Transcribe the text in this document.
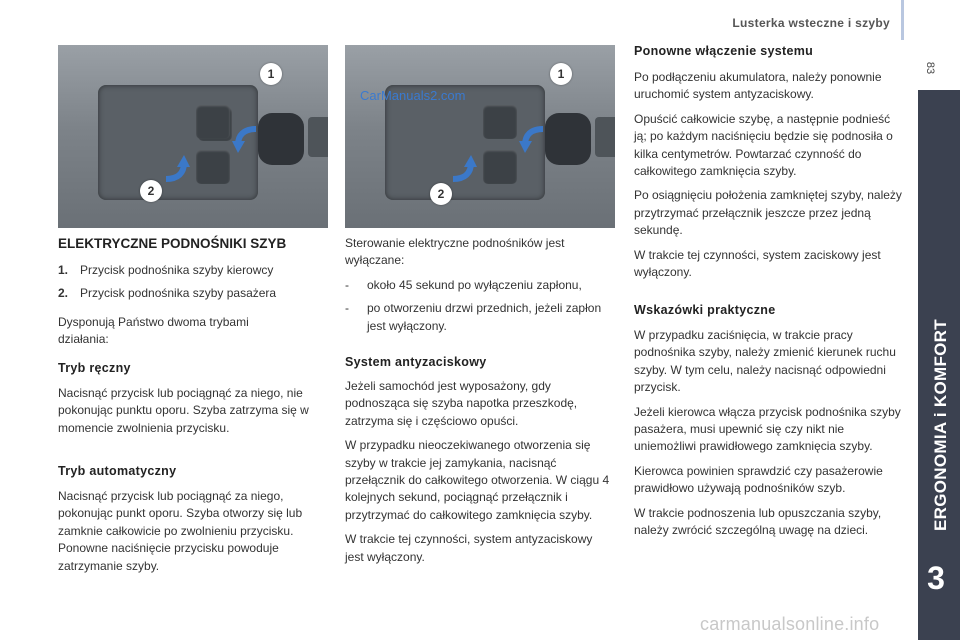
Lusterka wsteczne i szyby
83
ERGONOMIA i KOMFORT
3
1
2
1
2
CarManuals2.com
ELEKTRYCZNE PODNOŚNIKI SZYB
1. Przycisk podnośnika szyby kierowcy
2. Przycisk podnośnika szyby pasażera
Dysponują Państwo dwoma trybami działania:
Tryb ręczny
Nacisnąć przycisk lub pociągnąć za niego, nie pokonując punktu oporu. Szyba zatrzyma się w momencie zwolnienia przycisku.
Tryb automatyczny
Nacisnąć przycisk lub pociągnąć za niego, pokonując punkt oporu. Szyba otworzy się lub zamknie całkowicie po zwolnieniu przycisku. Ponowne naciśnięcie przycisku powoduje zatrzymanie szyby.

Sterowanie elektryczne podnośników jest wyłączane:

-	około 45 sekund po wyłączeniu zapłonu,
-	po otworzeniu drzwi przednich, jeżeli zapłon jest wyłączony.
System antyzaciskowy

Jeżeli samochód jest wyposażony, gdy podnosząca się szyba napotka przeszkodę, zatrzyma się i częściowo opuści.

W przypadku nieoczekiwanego otworzenia się szyby w trakcie jej zamykania, nacisnąć przełącznik do całkowitego otworzenia. W ciągu 4 kolejnych sekund, pociągnąć przełącznik i przytrzymać do całkowitego zamknięcia szyby.

W trakcie tej czynności, system antyzaciskowy jest wyłączony.

Ponowne włączenie systemu

Po podłączeniu akumulatora, należy ponownie uruchomić system antyzaciskowy.

Opuścić całkowicie szybę, a następnie podnieść ją; po każdym naciśnięciu będzie się podnosiła o kilka centymetrów. Powtarzać czynność do całkowitego zamknięcia szyby.

Po osiągnięciu położenia zamkniętej szyby, należy przytrzymać przełącznik jeszcze przez jedną sekundę.

W trakcie tej czynności, system zaciskowy jest wyłączony.

Wskazówki praktyczne

W przypadku zaciśnięcia, w trakcie pracy podnośnika szyby, należy zmienić kierunek ruchu szyby. W tym celu, należy nacisnąć odpowiedni przycisk.

Jeżeli kierowca włącza przycisk podnośnika szyby pasażera, musi upewnić się czy nikt nie uniemożliwi prawidłowego zamknięcia szyby.

Kierowca powinien sprawdzić czy pasażerowie prawidłowo używają podnośników szyb.

W trakcie podnoszenia lub opuszczania szyby, należy zwrócić szczególną uwagę na dzieci.

carmanualsonline.info
